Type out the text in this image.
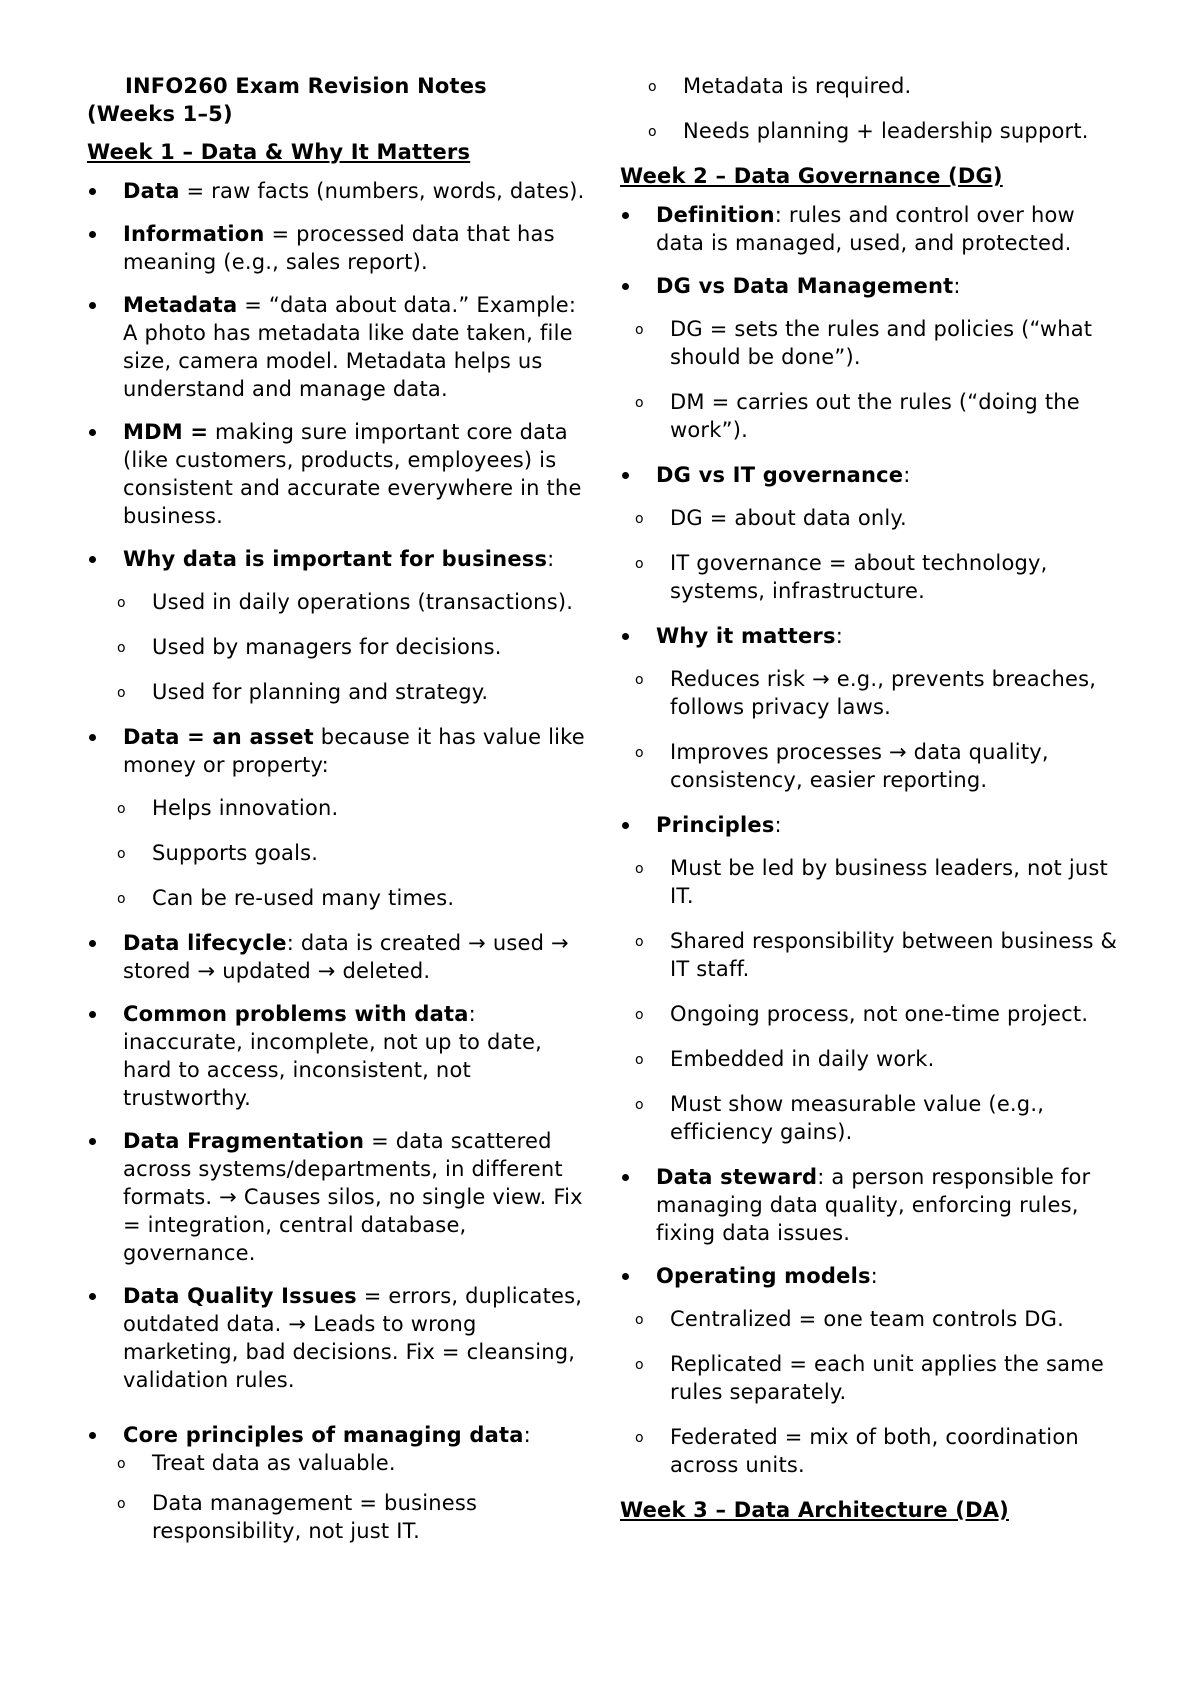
INFO260 Exam Revision Notes
(Weeks 1–5)
Week 1 – Data & Why It Matters
Data = raw facts (numbers, words, dates).
Information = processed data that has meaning (e.g., sales report).
Metadata = “data about data.” Example: A photo has metadata like date taken, file size, camera model. Metadata helps us understand and manage data.
MDM = making sure important core data (like customers, products, employees) is consistent and accurate everywhere in the business.
Why data is important for business:
o Used in daily operations (transactions).
o Used by managers for decisions.
o Used for planning and strategy.
Data = an asset because it has value like money or property:
o Helps innovation.
o Supports goals.
o Can be re-used many times.
Data lifecycle: data is created → used → stored → updated → deleted.
Common problems with data: inaccurate, incomplete, not up to date, hard to access, inconsistent, not trustworthy.
Data Fragmentation = data scattered across systems/departments, in different formats. → Causes silos, no single view. Fix = integration, central database, governance.
Data Quality Issues = errors, duplicates, outdated data. → Leads to wrong marketing, bad decisions. Fix = cleansing, validation rules.
Core principles of managing data:
o Treat data as valuable.
o Data management = business responsibility, not just IT.
o Metadata is required.
o Needs planning + leadership support.
Week 2 – Data Governance (DG)
Definition: rules and control over how data is managed, used, and protected.
DG vs Data Management:
o DG = sets the rules and policies (“what should be done”).
o DM = carries out the rules (“doing the work”).
DG vs IT governance:
o DG = about data only.
o IT governance = about technology, systems, infrastructure.
Why it matters:
o Reduces risk → e.g., prevents breaches, follows privacy laws.
o Improves processes → data quality, consistency, easier reporting.
Principles:
o Must be led by business leaders, not just IT.
o Shared responsibility between business & IT staff.
o Ongoing process, not one-time project.
o Embedded in daily work.
o Must show measurable value (e.g., efficiency gains).
Data steward: a person responsible for managing data quality, enforcing rules, fixing data issues.
Operating models:
o Centralized = one team controls DG.
o Replicated = each unit applies the same rules separately.
o Federated = mix of both, coordination across units.
Week 3 – Data Architecture (DA)
